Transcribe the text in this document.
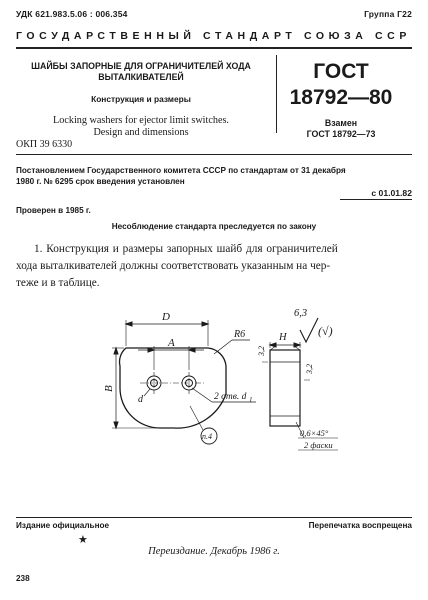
УДК 621.983.5.06 : 006.354	Группа Г22
ГОСУДАРСТВЕННЫЙ СТАНДАРТ СОЮЗА ССР
ШАЙБЫ ЗАПОРНЫЕ ДЛЯ ОГРАНИЧИТЕЛЕЙ ХОДА
ВЫТАЛКИВАТЕЛЕЙ
Конструкция и размеры
Locking washers for ejector limit switches.
Design and dimensions
ГОСТ
18792—80
Взамен
ГОСТ 18792—73
ОКП 39 6330
Постановлением Государственного комитета СССР по стандартам от 31 декабря
1980 г. № 6295 срок введения установлен
с 01.01.82
Проверен в 1985 г.
Несоблюдение стандарта преследуется по закону
1. Конструкция и размеры запорных шайб для ограничителей
хода выталкивателей должны соответствовать указанным на чер-
теже и в таблице.
6,3
(√)
D
A
B
R6
d	2 отв. d 1
п.4
H
3,2
3,2
0,6×45°
2 фаски
Издание официальное	Перепечатка воспрещена
★
Переиздание. Декабрь 1986 г.
238
